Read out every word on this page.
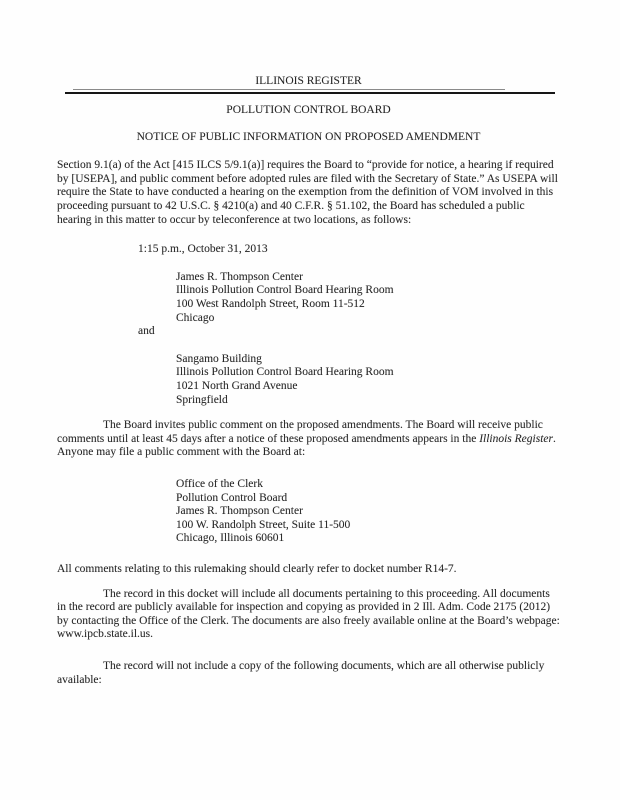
ILLINOIS REGISTER
POLLUTION CONTROL BOARD
NOTICE OF PUBLIC INFORMATION ON PROPOSED AMENDMENT

Section 9.1(a) of the Act [415 ILCS 5/9.1(a)] requires the Board to “provide for notice, a hearing if required by [USEPA], and public comment before adopted rules are filed with the Secretary of State.” As USEPA will require the State to have conducted a hearing on the exemption from the definition of VOM involved in this proceeding pursuant to 42 U.S.C. § 4210(a) and 40 C.F.R. § 51.102, the Board has scheduled a public hearing in this matter to occur by teleconference at two locations, as follows:

1:15 p.m., October 31, 2013
James R. Thompson Center
Illinois Pollution Control Board Hearing Room
100 West Randolph Street, Room 11-512
Chicago
and
Sangamo Building
Illinois Pollution Control Board Hearing Room
1021 North Grand Avenue
Springfield

The Board invites public comment on the proposed amendments. The Board will receive public comments until at least 45 days after a notice of these proposed amendments appears in the Illinois Register. Anyone may file a public comment with the Board at:

Office of the Clerk
Pollution Control Board
James R. Thompson Center
100 W. Randolph Street, Suite 11-500
Chicago, Illinois 60601

All comments relating to this rulemaking should clearly refer to docket number R14-7.

The record in this docket will include all documents pertaining to this proceeding. All documents in the record are publicly available for inspection and copying as provided in 2 Ill. Adm. Code 2175 (2012) by contacting the Office of the Clerk. The documents are also freely available online at the Board’s webpage: www.ipcb.state.il.us.

The record will not include a copy of the following documents, which are all otherwise publicly available:
